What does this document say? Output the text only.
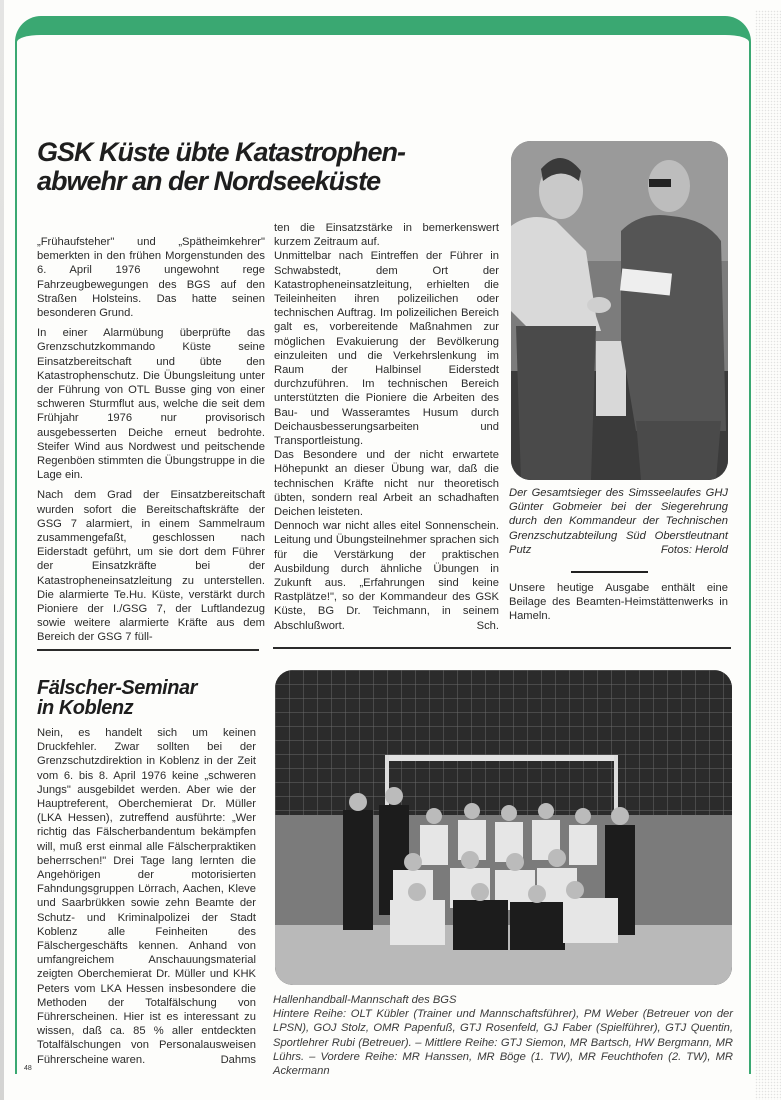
GSK Küste übte Katastrophen-
abwehr an der Nordseeküste

„Frühaufsteher" und „Spätheimkehrer" bemerkten in den frühen Morgenstunden des 6. April 1976 ungewohnt rege Fahrzeugbewegungen des BGS auf den Straßen Holsteins. Das hatte seinen besonderen Grund.

In einer Alarmübung überprüfte das Grenzschutzkommando Küste seine Einsatzbereitschaft und übte den Katastrophenschutz. Die Übungsleitung unter der Führung von OTL Busse ging von einer schweren Sturmflut aus, welche die seit dem Frühjahr 1976 nur provisorisch ausgebesserten Deiche erneut bedrohte. Steifer Wind aus Nordwest und peitschende Regenböen stimmten die Übungstruppe in die Lage ein.

Nach dem Grad der Einsatzbereitschaft wurden sofort die Bereitschaftskräfte der GSG 7 alarmiert, in einem Sammelraum zusammengefaßt, geschlossen nach Eiderstadt geführt, um sie dort dem Führer der Einsatzkräfte bei der Katastropheneinsatzleitung zu unterstellen. Die alarmierte Te.Hu. Küste, verstärkt durch Pioniere der I./GSG 7, der Luftlandezug sowie weitere alarmierte Kräfte aus dem Bereich der GSG 7 füll-

ten die Einsatzstärke in bemerkenswert kurzem Zeitraum auf.

Unmittelbar nach Eintreffen der Führer in Schwabstedt, dem Ort der Katastropheneinsatzleitung, erhielten die Teileinheiten ihren polizeilichen oder technischen Auftrag. Im polizeilichen Bereich galt es, vorbereitende Maßnahmen zur möglichen Evakuierung der Bevölkerung einzuleiten und die Verkehrslenkung im Raum der Halbinsel Eiderstedt durchzuführen. Im technischen Bereich unterstützten die Pioniere die Arbeiten des Bau- und Wasseramtes Husum durch Deichausbesserungsarbeiten und Transportleistung.

Das Besondere und der nicht erwartete Höhepunkt an dieser Übung war, daß die technischen Kräfte nicht nur theoretisch übten, sondern real Arbeit an schadhaften Deichen leisteten.

Dennoch war nicht alles eitel Sonnenschein. Leitung und Übungsteilnehmer sprachen sich für die Verstärkung der praktischen Ausbildung durch ähnliche Übungen in Zukunft aus. „Erfahrungen sind keine Rastplätze!", so der Kommandeur des GSK Küste, BG Dr. Teichmann, in seinem Abschlußwort.	Sch.

Der Gesamtsieger des Simsseelaufes GHJ Günter Gobmeier bei der Siegerehrung durch den Kommandeur der Technischen Grenzschutzabteilung Süd Oberstleutnant Putz	Fotos: Herold

Unsere heutige Ausgabe enthält eine Beilage des Beamten-Heimstättenwerks in Hameln.

Fälscher-Seminar
in Koblenz

Nein, es handelt sich um keinen Druckfehler. Zwar sollten bei der Grenzschutzdirektion in Koblenz in der Zeit vom 6. bis 8. April 1976 keine „schweren Jungs" ausgebildet werden. Aber wie der Hauptreferent, Oberchemierat Dr. Müller (LKA Hessen), zutreffend ausführte: „Wer richtig das Fälscherbandentum bekämpfen will, muß erst einmal alle Fälscherpraktiken beherrschen!" Drei Tage lang lernten die Angehörigen der motorisierten Fahndungsgruppen Lörrach, Aachen, Kleve und Saarbrükken sowie zehn Beamte der Schutz- und Kriminalpolizei der Stadt Koblenz alle Feinheiten des Fälschergeschäfts kennen. Anhand von umfangreichem Anschauungsmaterial zeigten Oberchemierat Dr. Müller und KHK Peters vom LKA Hessen insbesondere die Methoden der Totalfälschung von Führerscheinen. Hier ist es interessant zu wissen, daß ca. 85 % aller entdeckten Totalfälschungen von Personalausweisen Führerscheine waren.	Dahms

48

Hallenhandball-Mannschaft des BGS
Hintere Reihe: OLT Kübler (Trainer und Mannschaftsführer), PM Weber (Betreuer von der LPSN), GOJ Stolz, OMR Papenfuß, GTJ Rosenfeld, GJ Faber (Spielführer), GTJ Quentin, Sportlehrer Rubi (Betreuer). – Mittlere Reihe: GTJ Siemon, MR Bartsch, HW Bergmann, MR Lührs. – Vordere Reihe: MR Hanssen, MR Böge (1. TW), MR Feuchthofen (2. TW), MR Ackermann
